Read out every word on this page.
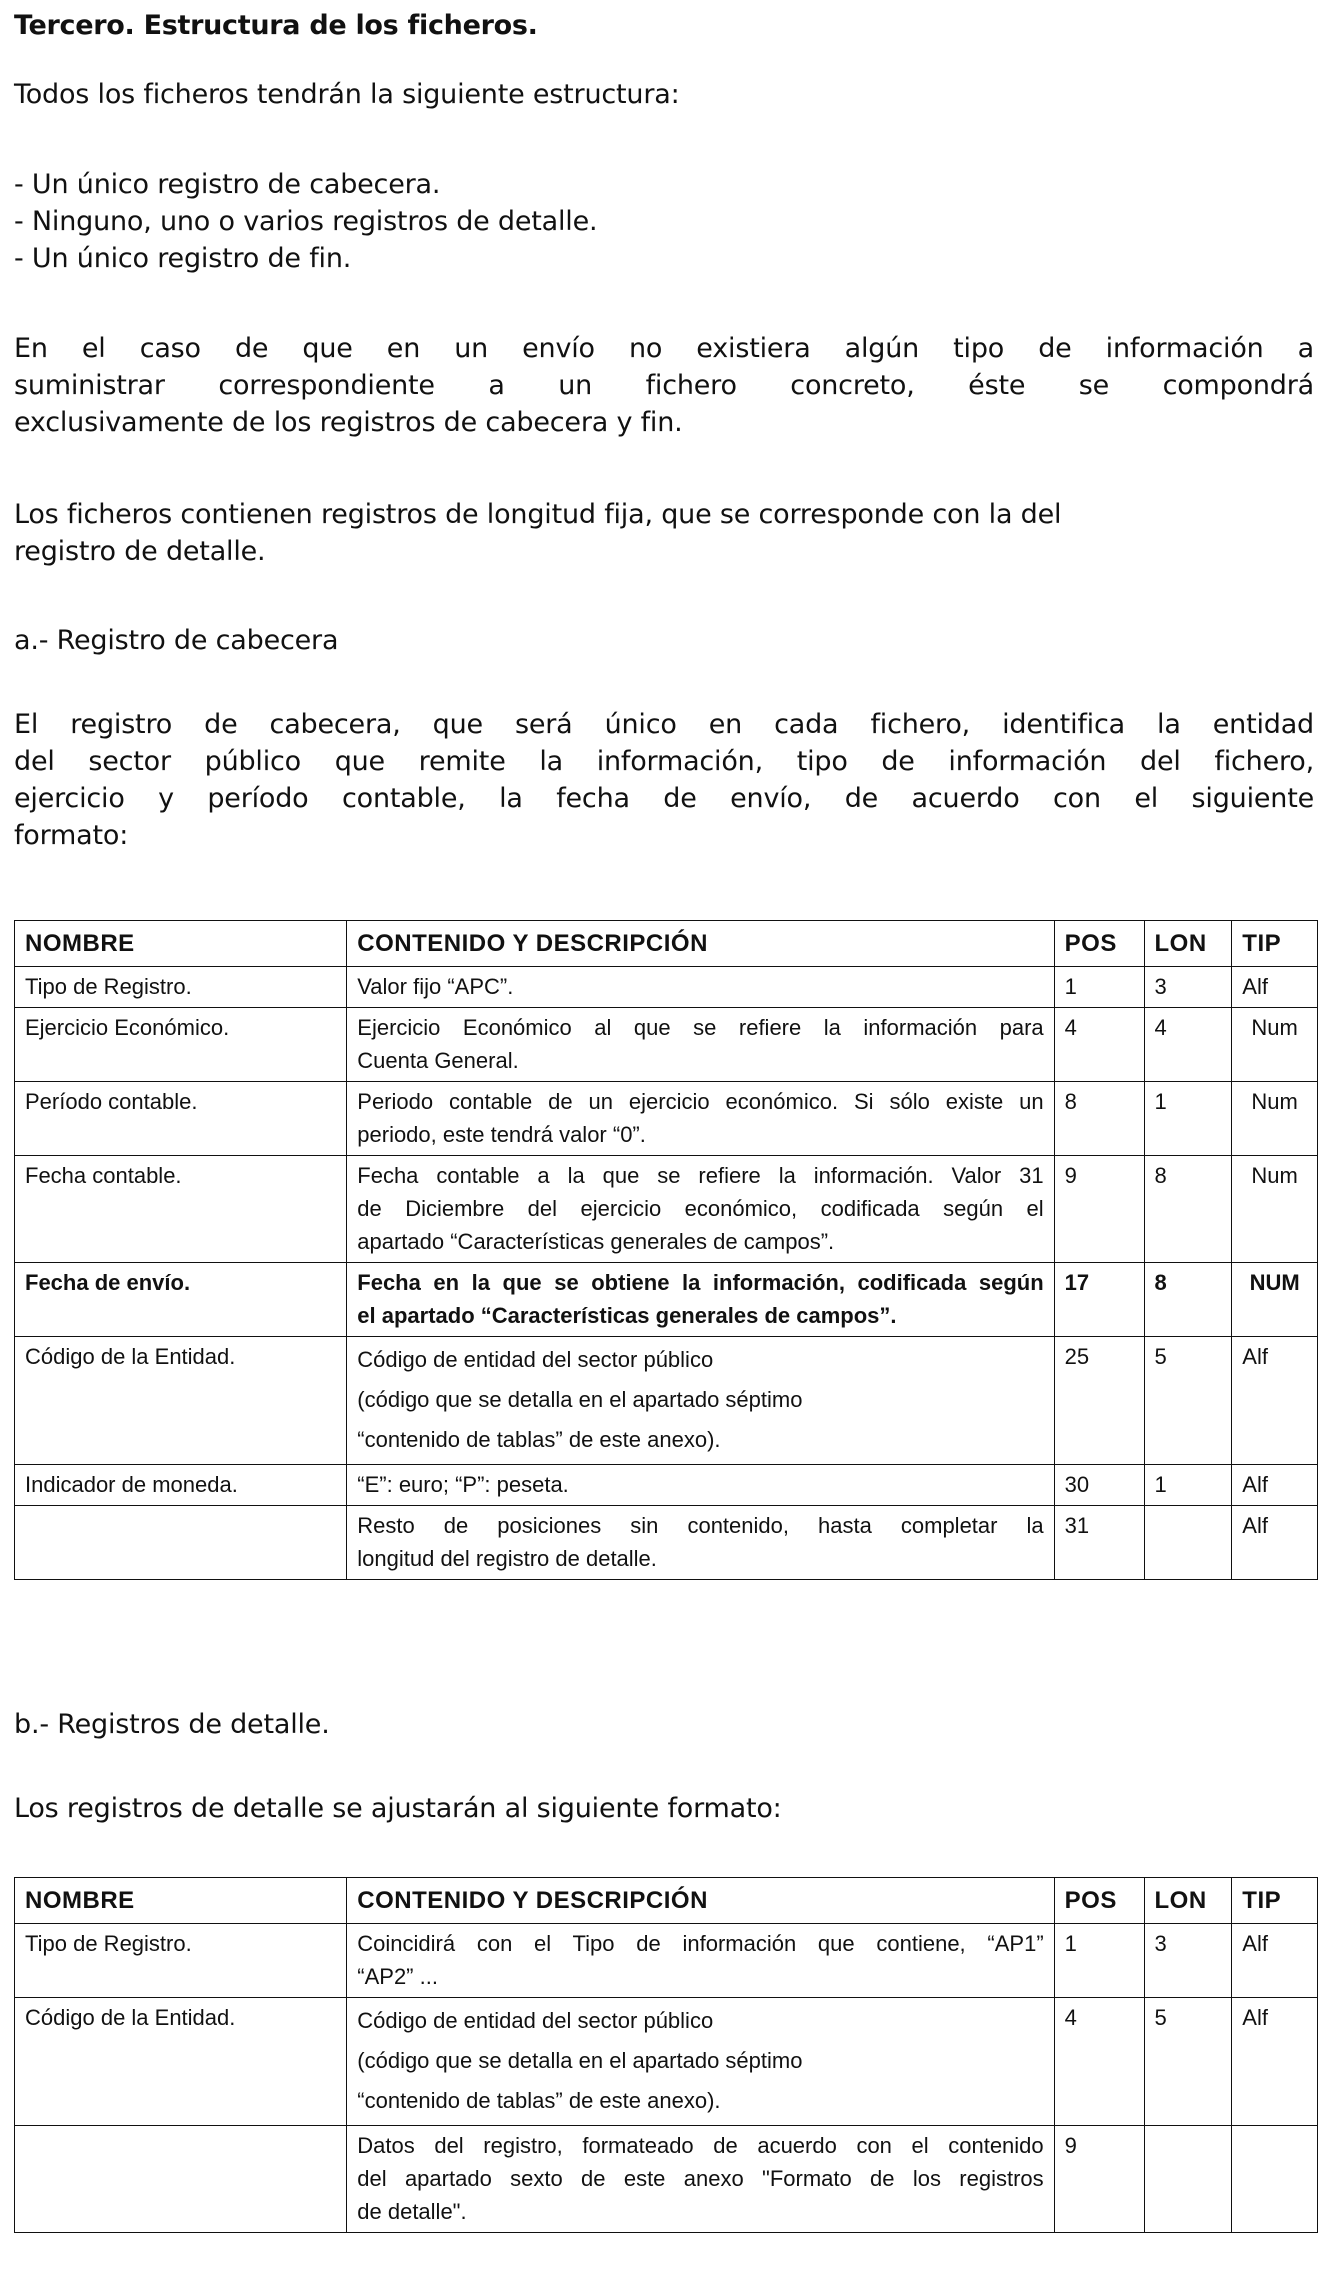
Tercero. Estructura de los ficheros.
Todos los ficheros tendrán la siguiente estructura:
- Un único registro de cabecera.
- Ninguno, uno o varios registros de detalle.
- Un único registro de fin.
En el caso de que en un envío no existiera algún tipo de información a
suministrar correspondiente a un fichero concreto, éste se compondrá
exclusivamente de los registros de cabecera y fin.
Los ficheros contienen registros de longitud fija, que se corresponde con la del
registro de detalle.
a.- Registro de cabecera
El registro de cabecera, que será único en cada fichero, identifica la entidad
del sector público que remite la información, tipo de información del fichero,
ejercicio y período contable, la fecha de envío, de acuerdo con el siguiente
formato:
NOMBRE	CONTENIDO Y DESCRIPCIÓN	POS	LON	TIP
Tipo de Registro.	Valor fijo “APC”.	1	3	Alf
Ejercicio Económico.	Ejercicio Económico al que se refiere la información para
Cuenta General.	4	4	Num
Período contable.	Periodo contable de un ejercicio económico. Si sólo existe un
periodo, este tendrá valor “0”.	8	1	Num
Fecha contable.	Fecha contable a la que se refiere la información. Valor 31
de Diciembre del ejercicio económico, codificada según el
apartado “Características generales de campos”.	9	8	Num
Fecha de envío.	Fecha en la que se obtiene la información, codificada según
el apartado “Características generales de campos”.	17	8	NUM
Código de la Entidad.	Código de entidad del sector público
(código que se detalla en el apartado séptimo
“contenido de tablas” de este anexo).	25	5	Alf
Indicador de moneda.	“E”: euro; “P”: peseta.	30	1	Alf

	Resto de posiciones sin contenido, hasta completar la
longitud del registro de detalle.	31		Alf
b.- Registros de detalle.
Los registros de detalle se ajustarán al siguiente formato:
NOMBRE	CONTENIDO Y DESCRIPCIÓN	POS	LON	TIP
Tipo de Registro.	Coincidirá con el Tipo de información que contiene, “AP1”
“AP2” ...	1	3	Alf
Código de la Entidad.	Código de entidad del sector público
(código que se detalla en el apartado séptimo
“contenido de tablas” de este anexo).	4	5	Alf

	Datos del registro, formateado de acuerdo con el contenido
del apartado sexto de este anexo "Formato de los registros
de detalle".	9		
